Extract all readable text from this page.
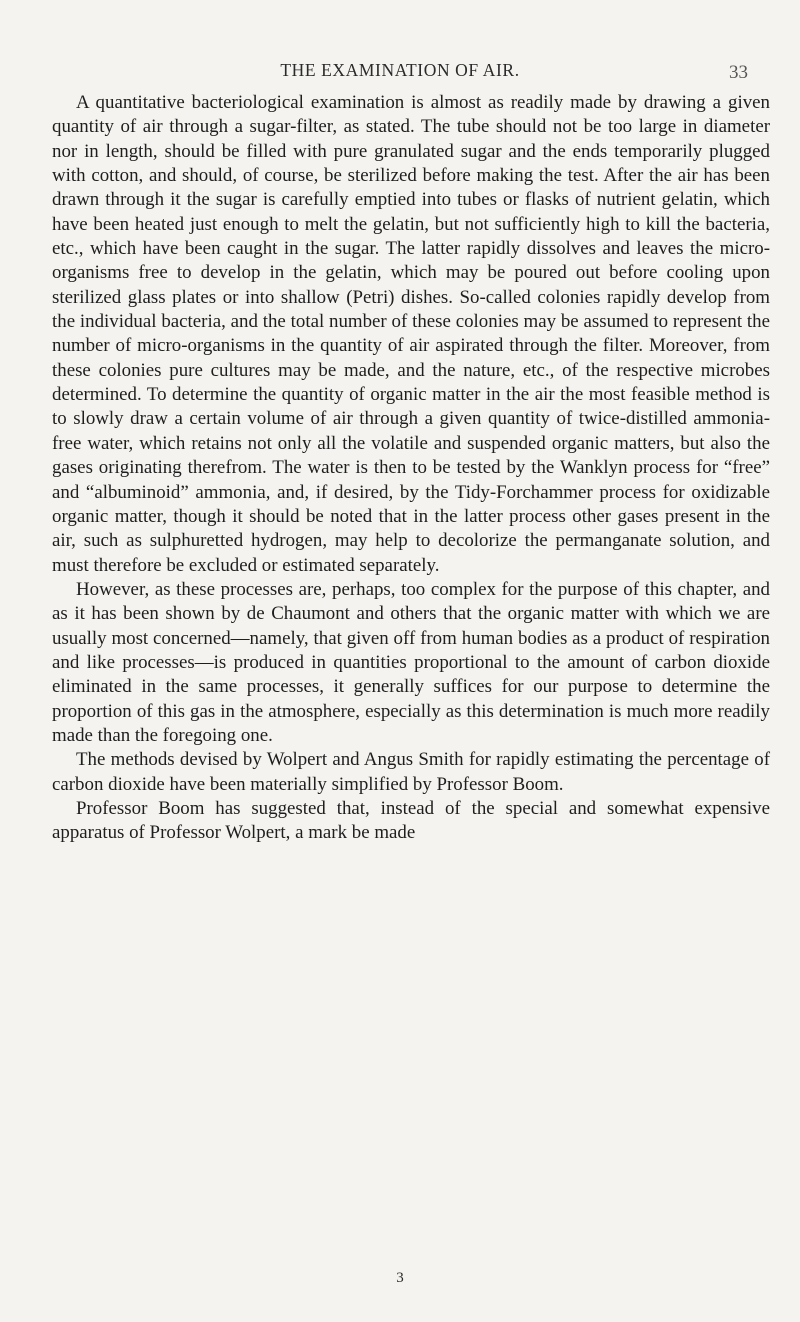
THE EXAMINATION OF AIR.	33

A quantitative bacteriological examination is almost as readily made by drawing a given quantity of air through a sugar-filter, as stated. The tube should not be too large in diameter nor in length, should be filled with pure granulated sugar and the ends temporarily plugged with cotton, and should, of course, be sterilized before making the test. After the air has been drawn through it the sugar is carefully emptied into tubes or flasks of nutrient gelatin, which have been heated just enough to melt the gelatin, but not sufficiently high to kill the bacteria, etc., which have been caught in the sugar. The latter rapidly dissolves and leaves the micro-organisms free to develop in the gelatin, which may be poured out before cooling upon sterilized glass plates or into shallow (Petri) dishes. So-called colonies rapidly develop from the individual bacteria, and the total number of these colonies may be assumed to represent the number of micro-organisms in the quantity of air aspirated through the filter. Moreover, from these colonies pure cultures may be made, and the nature, etc., of the respective microbes determined. To determine the quantity of organic matter in the air the most feasible method is to slowly draw a certain volume of air through a given quantity of twice-distilled ammonia-free water, which retains not only all the volatile and suspended organic matters, but also the gases originating therefrom. The water is then to be tested by the Wanklyn process for “free” and “albuminoid” ammonia, and, if desired, by the Tidy-Forchammer process for oxidizable organic matter, though it should be noted that in the latter process other gases present in the air, such as sulphuretted hydrogen, may help to decolorize the permanganate solution, and must therefore be excluded or estimated separately.

However, as these processes are, perhaps, too complex for the purpose of this chapter, and as it has been shown by de Chaumont and others that the organic matter with which we are usually most concerned—namely, that given off from human bodies as a product of respiration and like processes—is produced in quantities proportional to the amount of carbon dioxide eliminated in the same processes, it generally suffices for our purpose to determine the proportion of this gas in the atmosphere, especially as this determination is much more readily made than the foregoing one.

The methods devised by Wolpert and Angus Smith for rapidly estimating the percentage of carbon dioxide have been materially simplified by Professor Boom.

Professor Boom has suggested that, instead of the special and somewhat expensive apparatus of Professor Wolpert, a mark be made

3
